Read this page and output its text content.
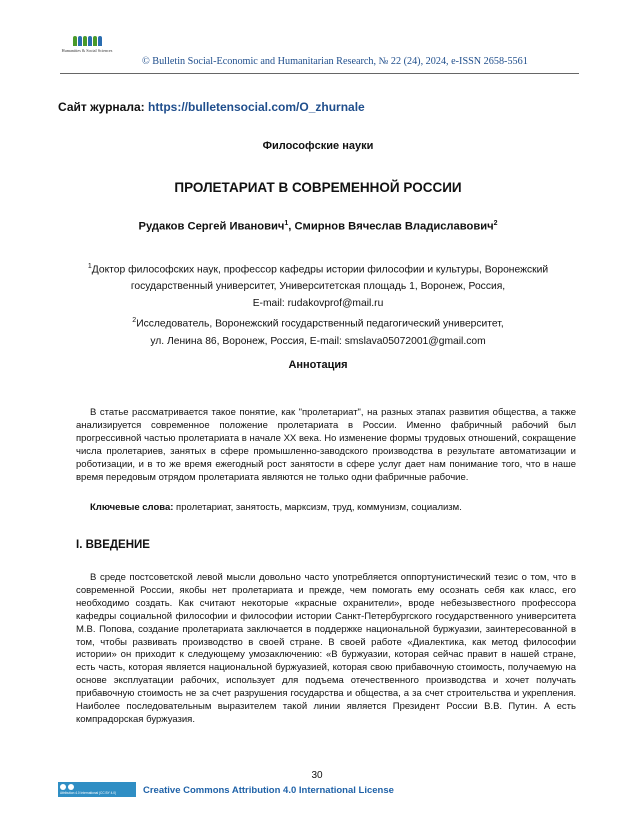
Humanities & Social Sciences
© Bulletin Social-Economic and Humanitarian Research, № 22 (24), 2024, e-ISSN 2658-5561
Сайт журнала: https://bulletensocial.com/O_zhurnale
Философские науки
ПРОЛЕТАРИАТ В СОВРЕМЕННОЙ РОССИИ
Рудаков Сергей Иванович$^1$, Смирнов Вячеслав Владиславович$^2$
$^1$Доктор философских наук, профессор кафедры истории философии и культуры, Воронежский
государственный университет, Университетская площадь 1, Воронеж, Россия,
E-mail: rudakovprof@mail.ru
$^2$Исследователь, Воронежский государственный педагогический университет,
ул. Ленина 86, Воронеж, Россия, E-mail: smslava05072001@gmail.com
Аннотация
В статье рассматривается такое понятие, как "пролетариат", на разных этапах развития общества, а также анализируется современное положение пролетариата в России. Именно фабричный рабочий был прогрессивной частью пролетариата в начале XX века. Но изменение формы трудовых отношений, сокращение числа пролетариев, занятых в сфере промышленно-заводского производства в результате автоматизации и роботизации, и в то же время ежегодный рост занятости в сфере услуг дает нам понимание того, что в наше время передовым отрядом пролетариата являются не только одни фабричные рабочие.
Ключевые слова: пролетариат, занятость, марксизм, труд, коммунизм, социализм.
I. ВВЕДЕНИЕ
В среде постсоветской левой мысли довольно часто употребляется оппортунистический тезис о том, что в современной России, якобы нет пролетариата и прежде, чем помогать ему осознать себя как класс, его необходимо создать. Как считают некоторые «красные охранители», вроде небезызвестного профессора кафедры социальной философии и философии истории Санкт-Петербургского государственного университета М.В. Попова, создание пролетариата заключается в поддержке национальной буржуазии, заинтересованной в том, чтобы развивать производство в своей стране. В своей работе «Диалектика, как метод философии истории» он приходит к следующему умозаключению: «В буржуазии, которая сейчас правит в нашей стране, есть часть, которая является национальной буржуазией, которая свою прибавочную стоимость, получаемую на основе эксплуатации рабочих, использует для подъема отечественного производства и хочет получать прибавочную стоимость не за счет разрушения государства и общества, а за счет строительства и укрепления. Наиболее последовательным выразителем такой линии является Президент России В.В. Путин. А есть компрадорская буржуазия.
30
Attribution 4.0 International (CC BY 4.0)	Creative Commons Attribution 4.0 International License
